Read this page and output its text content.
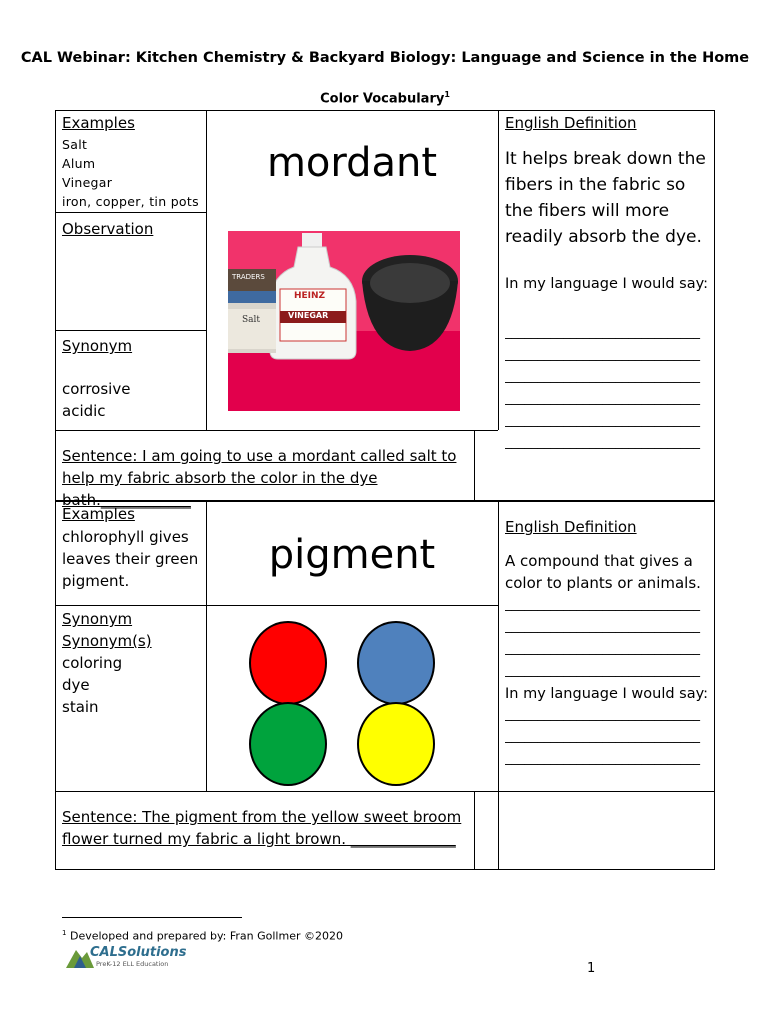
CAL Webinar: Kitchen Chemistry & Backyard Biology: Language and Science in the Home
Color Vocabulary$^1$
Examples
Salt
Alum
Vinegar
iron, copper, tin pots
Observation
Synonym
corrosive
acidic
mordant
TRADERS
Salt
HEINZ
VINEGAR
English Definition
It helps break down the fibers in the fabric so the fibers will more readily absorb the dye.
In my language I would say:
______________________________
______________________________
______________________________
______________________________
______________________________
______________________________
Sentence: I am going to use a mordant called salt to help my fabric absorb the color in the dye bath.____________
Examples
chlorophyll gives leaves their green pigment.
pigment
Synonym
Synonym(s)
coloring
dye
stain
English Definition
A compound that gives a color to plants or animals.
______________________________
______________________________
______________________________
______________________________
In my language I would say:
______________________________
______________________________
______________________________
Sentence: The pigment from the yellow sweet broom flower turned my fabric a light brown. ______________
$^1$ Developed and prepared by: Fran Gollmer ©2020
CALSolutions
PreK-12 ELL Education	1
